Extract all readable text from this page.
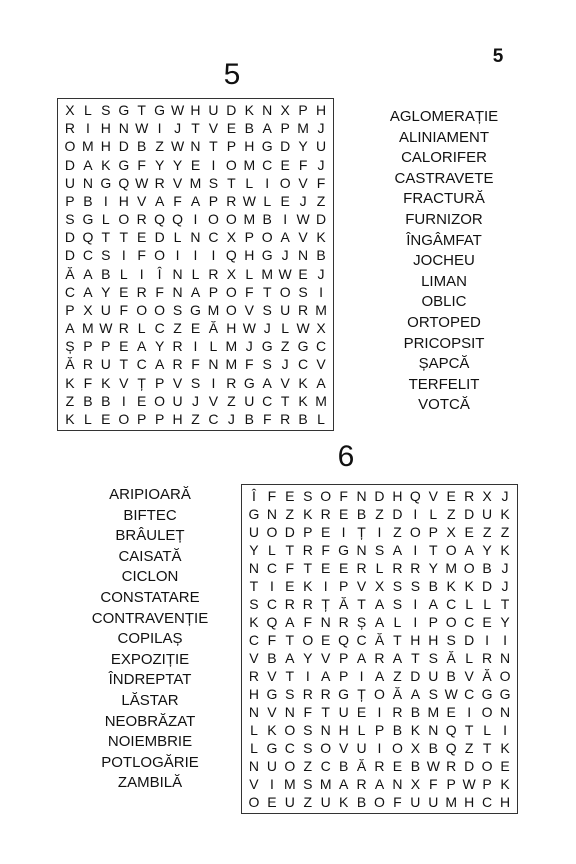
5
5
X L S G T G W H U D K N X P H
R I H N W I J T V E B A P M J
O M H D B Z W N T P H G D Y U
D A K G F Y Y E I O M C E F J
U N G Q W R V M S T L I O V F
P B I H V A F A P R W L E J Z
S G L O R Q Q I O O M B I W D
D Q T T E D L N C X P O A V K
D C S I F O I	I	I Q H G J N B
Ă A B L I	Î N L R X L M W E J
C A Y E R F N A P O F T O S I
P X U F O O S G M O V S U R M
A M W R L C Z E Ă H W J L W X
Ș P P E A Y R I L M J G Z G C
Ă R U T C A R F N M F S J C V
K F K V Ț P V S I R G A V K A
Z B B I E O U J V Z U C T K M
K L E O P P H Z C J B F R B L
AGLOMERAȚIE
ALINIAMENT
CALORIFER
CASTRAVETE
FRACTURĂ
FURNIZOR
ÎNGÂMFAT
JOCHEU
LIMAN
OBLIC
ORTOPED
PRICOPSIT
ȘAPCĂ
TERFELIT
VOTCĂ
6
Î F E S O F N D H Q V E R X J
G N Z K R E B Z D I L Z D U K
U O D P E I Ț I Z O P X E Z Z
Y L T R F G N S A I T O A Y K
N C F T E E R L R R Y M O B J
T I E K I P V X S S B K K D J
S C R R Ț Ă T A S I A C L L T
K Q A F N R Ș A L I P O C E Y
C F T O E Q C Ă T H H S D I	I
V B A Y V P A R A T S Ă L R N
R V T I A P I A Z D U B V Ă O
H G S R R G Ț O Ă A S W C G G
N V N F T U E I R B M E I O N
L K O S N H L P B K N Q T L I
L G C S O V U I O X B Q Z T K
N U O Z C B Ă R E B W R D O E
V I M S M A R A N X F P W P K
O E U Z U K B O F U U M H C H
ARIPIOARĂ
BIFTEC
BRÂULEȚ
CAISATĂ
CICLON
CONSTATARE
CONTRAVENȚIE
COPILAȘ
EXPOZIȚIE
ÎNDREPTAT
LĂSTAR
NEOBRĂZAT
NOIEMBRIE
POTLOGĂRIE
ZAMBILĂ
